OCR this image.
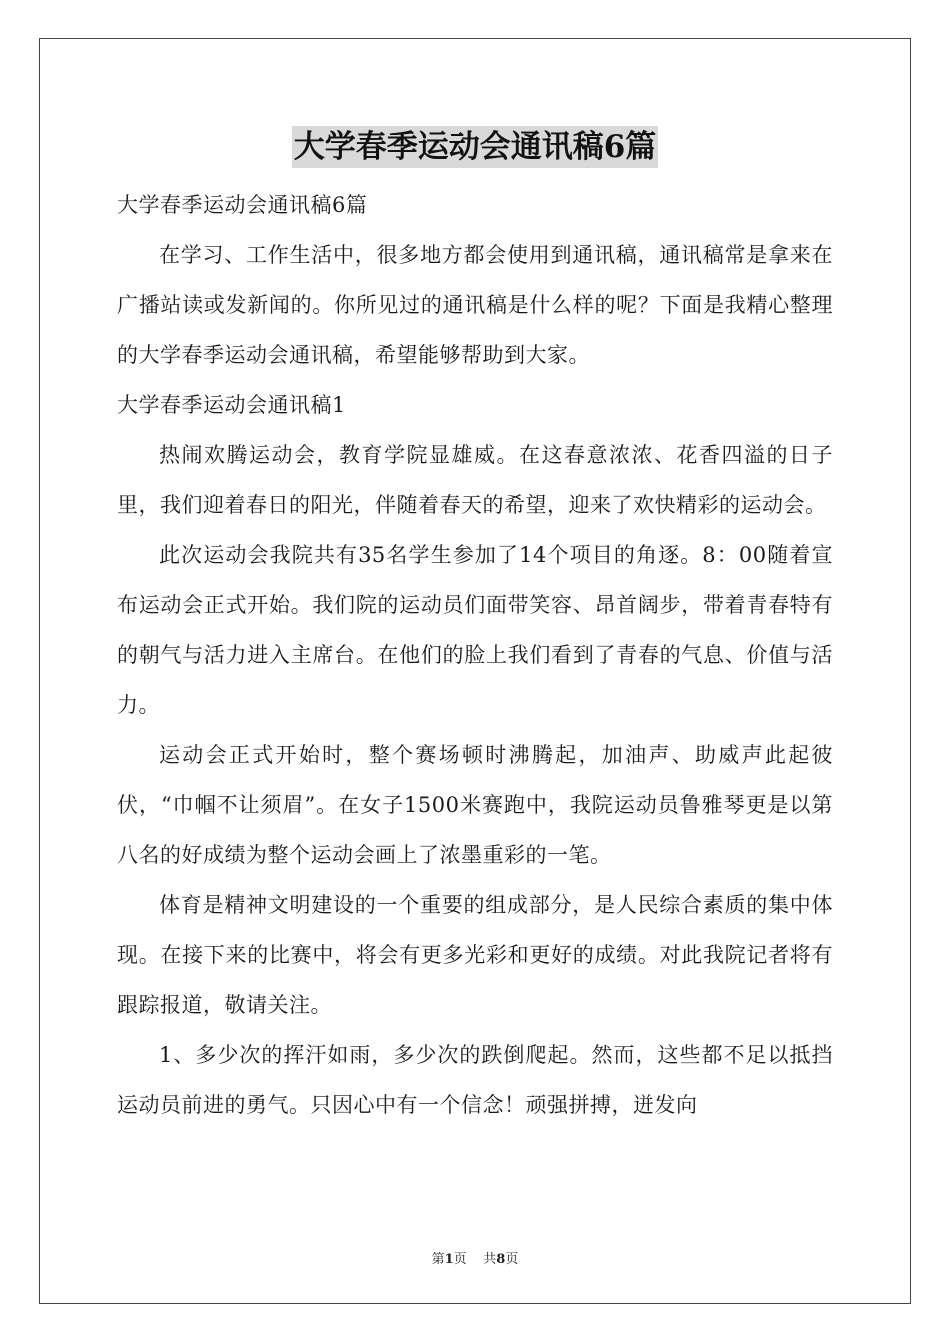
大学春季运动会通讯稿6篇

大学春季运动会通讯稿6篇

在学习、工作生活中，很多地方都会使用到通讯稿，通讯稿常是拿来在广播站读或发新闻的。你所见过的通讯稿是什么样的呢？下面是我精心整理的大学春季运动会通讯稿，希望能够帮助到大家。

大学春季运动会通讯稿1

热闹欢腾运动会，教育学院显雄威。在这春意浓浓、花香四溢的日子里，我们迎着春日的阳光，伴随着春天的希望，迎来了欢快精彩的运动会。

此次运动会我院共有35名学生参加了14个项目的角逐。8：00随着宣布运动会正式开始。我们院的运动员们面带笑容、昂首阔步，带着青春特有的朝气与活力进入主席台。在他们的脸上我们看到了青春的气息、价值与活力。

运动会正式开始时，整个赛场顿时沸腾起，加油声、助威声此起彼伏，“巾帼不让须眉”。在女子1500米赛跑中，我院运动员鲁雅琴更是以第八名的好成绩为整个运动会画上了浓墨重彩的一笔。

体育是精神文明建设的一个重要的组成部分，是人民综合素质的集中体现。在接下来的比赛中，将会有更多光彩和更好的成绩。对此我院记者将有跟踪报道，敬请关注。

1、多少次的挥汗如雨，多少次的跌倒爬起。然而，这些都不足以抵挡运动员前进的勇气。只因心中有一个信念！顽强拼搏，迸发向

第1页 共8页
